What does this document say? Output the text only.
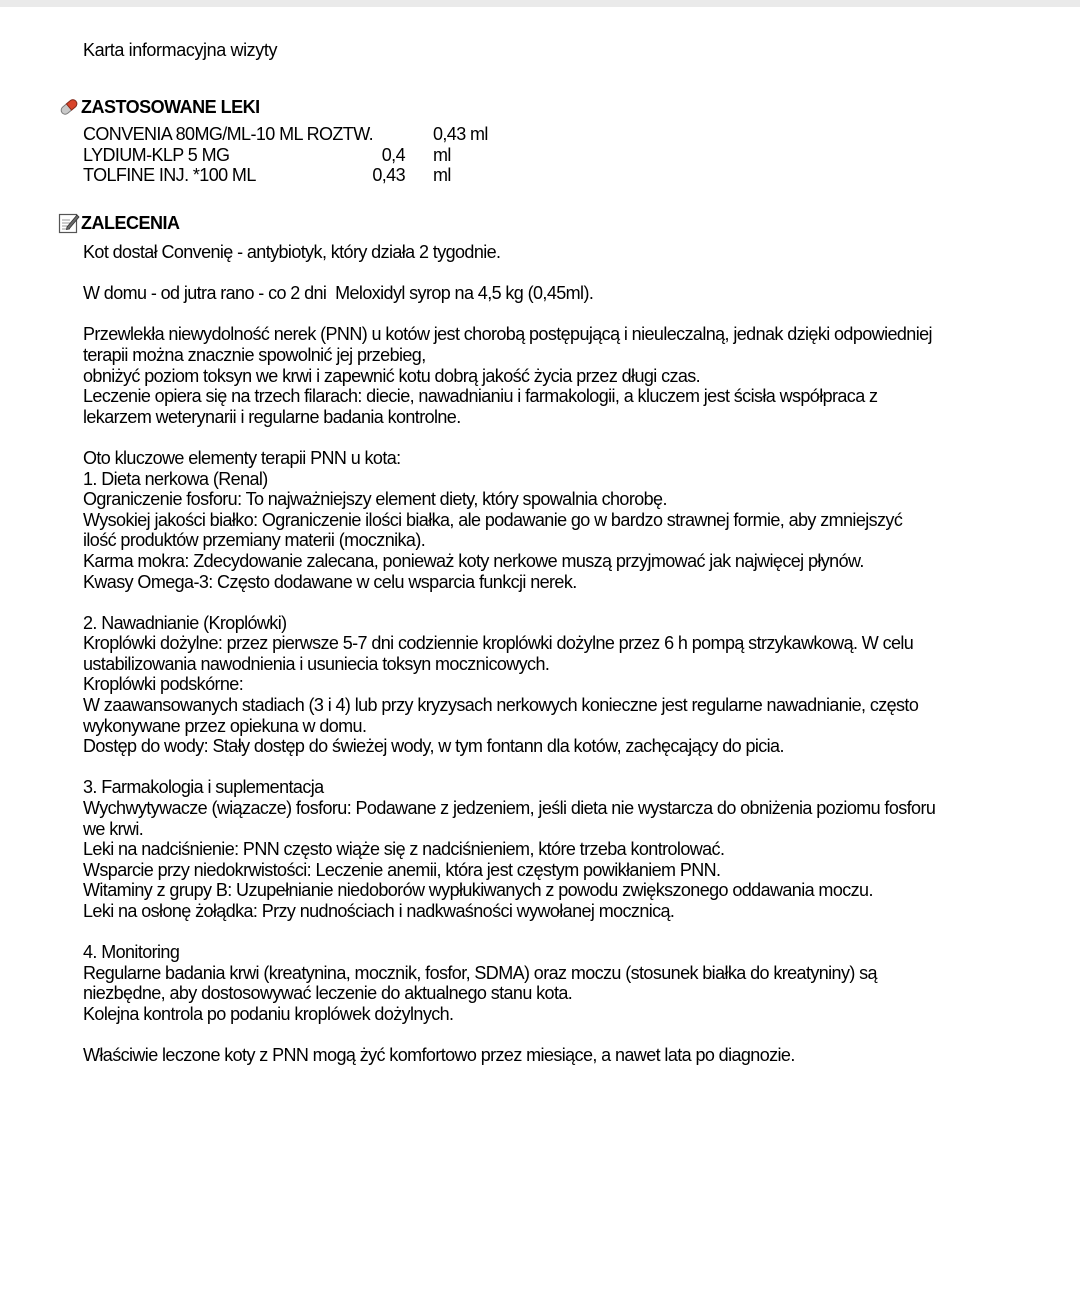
Karta informacyjna wizyty
ZASTOSOWANE LEKI
CONVENIA 80MG/ML-10 ML ROZTW.	0,43 ml
LYDIUM-KLP 5 MG	0,4 ml
TOLFINE INJ. *100 ML	0,43 ml
ZALECENIA
Kot dostał Convenię - antybiotyk, który działa 2 tygodnie.
W domu - od jutra rano - co 2 dni  Meloxidyl syrop na 4,5 kg (0,45ml).
Przewlekła niewydolność nerek (PNN) u kotów jest chorobą postępującą i nieuleczalną, jednak dzięki odpowiedniej
terapii można znacznie spowolnić jej przebieg,
obniżyć poziom toksyn we krwi i zapewnić kotu dobrą jakość życia przez długi czas.
Leczenie opiera się na trzech filarach: diecie, nawadnianiu i farmakologii, a kluczem jest ścisła współpraca z
lekarzem weterynarii i regularne badania kontrolne.
Oto kluczowe elementy terapii PNN u kota:
1. Dieta nerkowa (Renal)
Ograniczenie fosforu: To najważniejszy element diety, który spowalnia chorobę.
Wysokiej jakości białko: Ograniczenie ilości białka, ale podawanie go w bardzo strawnej formie, aby zmniejszyć
ilość produktów przemiany materii (mocznika).
Karma mokra: Zdecydowanie zalecana, ponieważ koty nerkowe muszą przyjmować jak najwięcej płynów.
Kwasy Omega-3: Często dodawane w celu wsparcia funkcji nerek.
2. Nawadnianie (Kroplówki)
Kroplówki dożylne: przez pierwsze 5-7 dni codziennie kroplówki dożylne przez 6 h pompą strzykawkową. W celu
ustabilizowania nawodnienia i usuniecia toksyn mocznicowych.
Kroplówki podskórne:
W zaawansowanych stadiach (3 i 4) lub przy kryzysach nerkowych konieczne jest regularne nawadnianie, często
wykonywane przez opiekuna w domu.
Dostęp do wody: Stały dostęp do świeżej wody, w tym fontann dla kotów, zachęcający do picia.
3. Farmakologia i suplementacja
Wychwytywacze (wiązacze) fosforu: Podawane z jedzeniem, jeśli dieta nie wystarcza do obniżenia poziomu fosforu
we krwi.
Leki na nadciśnienie: PNN często wiąże się z nadciśnieniem, które trzeba kontrolować.
Wsparcie przy niedokrwistości: Leczenie anemii, która jest częstym powikłaniem PNN.
Witaminy z grupy B: Uzupełnianie niedoborów wypłukiwanych z powodu zwiększonego oddawania moczu.
Leki na osłonę żołądka: Przy nudnościach i nadkwaśności wywołanej mocznicą.
4. Monitoring
Regularne badania krwi (kreatynina, mocznik, fosfor, SDMA) oraz moczu (stosunek białka do kreatyniny) są
niezbędne, aby dostosowywać leczenie do aktualnego stanu kota.
Kolejna kontrola po podaniu kroplówek dożylnych.
Właściwie leczone koty z PNN mogą żyć komfortowo przez miesiące, a nawet lata po diagnozie.
